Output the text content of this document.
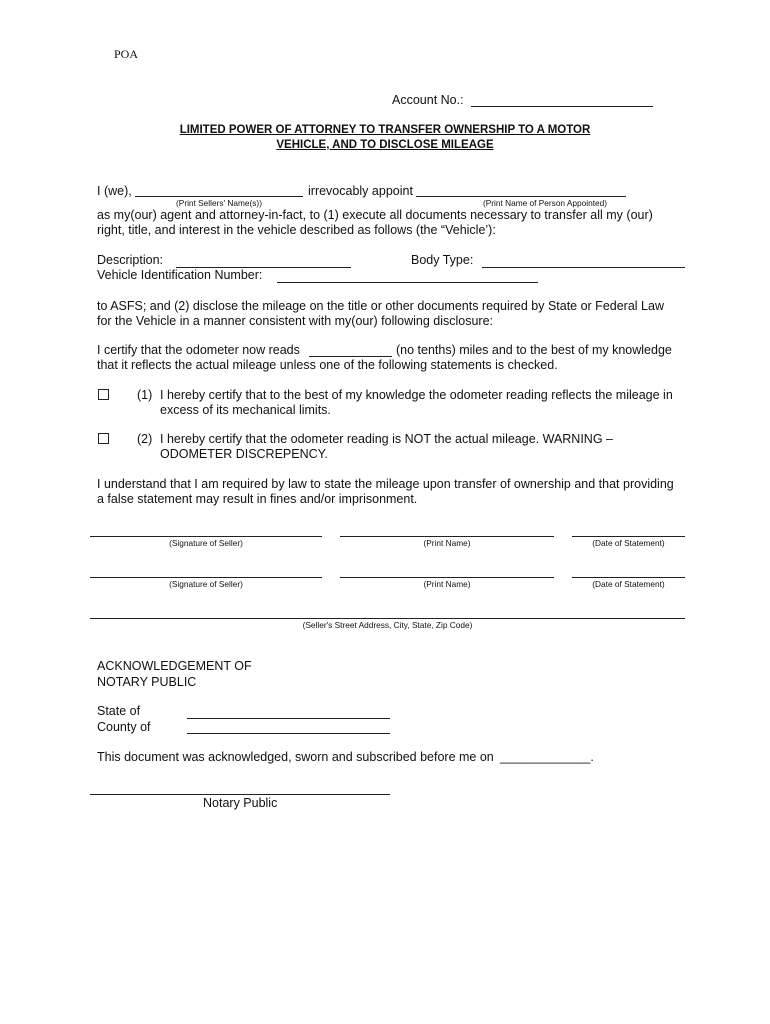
POA
Account No.:
LIMITED POWER OF ATTORNEY TO TRANSFER OWNERSHIP TO A MOTOR
VEHICLE, AND TO DISCLOSE MILEAGE
I (we),	irrevocably appoint
(Print Sellers' Name(s))	(Print Name of Person Appointed)
as my(our) agent and attorney-in-fact, to (1) execute all documents necessary to transfer all my (our)
right, title, and interest in the vehicle described as follows (the “Vehicle’):
Description:	Body Type:
Vehicle Identification Number:
to ASFS; and (2) disclose the mileage on the title or other documents required by State or Federal Law
for the Vehicle in a manner consistent with my(our) following disclosure:
I certify that the odometer now reads	(no tenths) miles and to the best of my knowledge
that it reflects the actual mileage unless one of the following statements is checked.
(1) I hereby certify that to the best of my knowledge the odometer reading reflects the mileage in
excess of its mechanical limits.
(2) I hereby certify that the odometer reading is NOT the actual mileage. WARNING –
ODOMETER DISCREPENCY.
I understand that I am required by law to state the mileage upon transfer of ownership and that providing
a false statement may result in fines and/or imprisonment.
(Signature of Seller)	(Print Name)	(Date of Statement)
(Signature of Seller)	(Print Name)	(Date of Statement)
(Seller's Street Address, City, State, Zip Code)
ACKNOWLEDGEMENT OF
NOTARY PUBLIC
State of
County of
This document was acknowledged, sworn and subscribed before me on _____________.
Notary Public
